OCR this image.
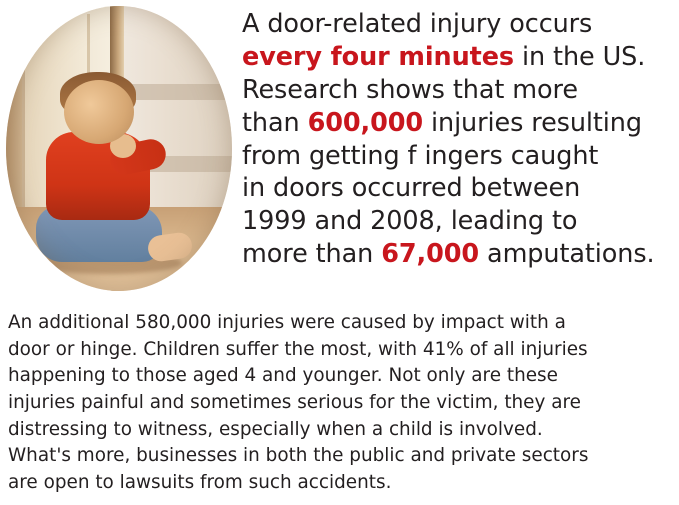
A door-related injury occurs
every four minutes in the US.
Research shows that more
than 600,000 injuries resulting
from getting f ingers caught
in doors occurred between
1999 and 2008, leading to
more than 67,000 amputations.
An additional 580,000 injuries were caused by impact with a
door or hinge. Children suffer the most, with 41% of all injuries
happening to those aged 4 and younger. Not only are these
injuries painful and sometimes serious for the victim, they are
distressing to witness, especially when a child is involved.
What's more, businesses in both the public and private sectors
are open to lawsuits from such accidents.
